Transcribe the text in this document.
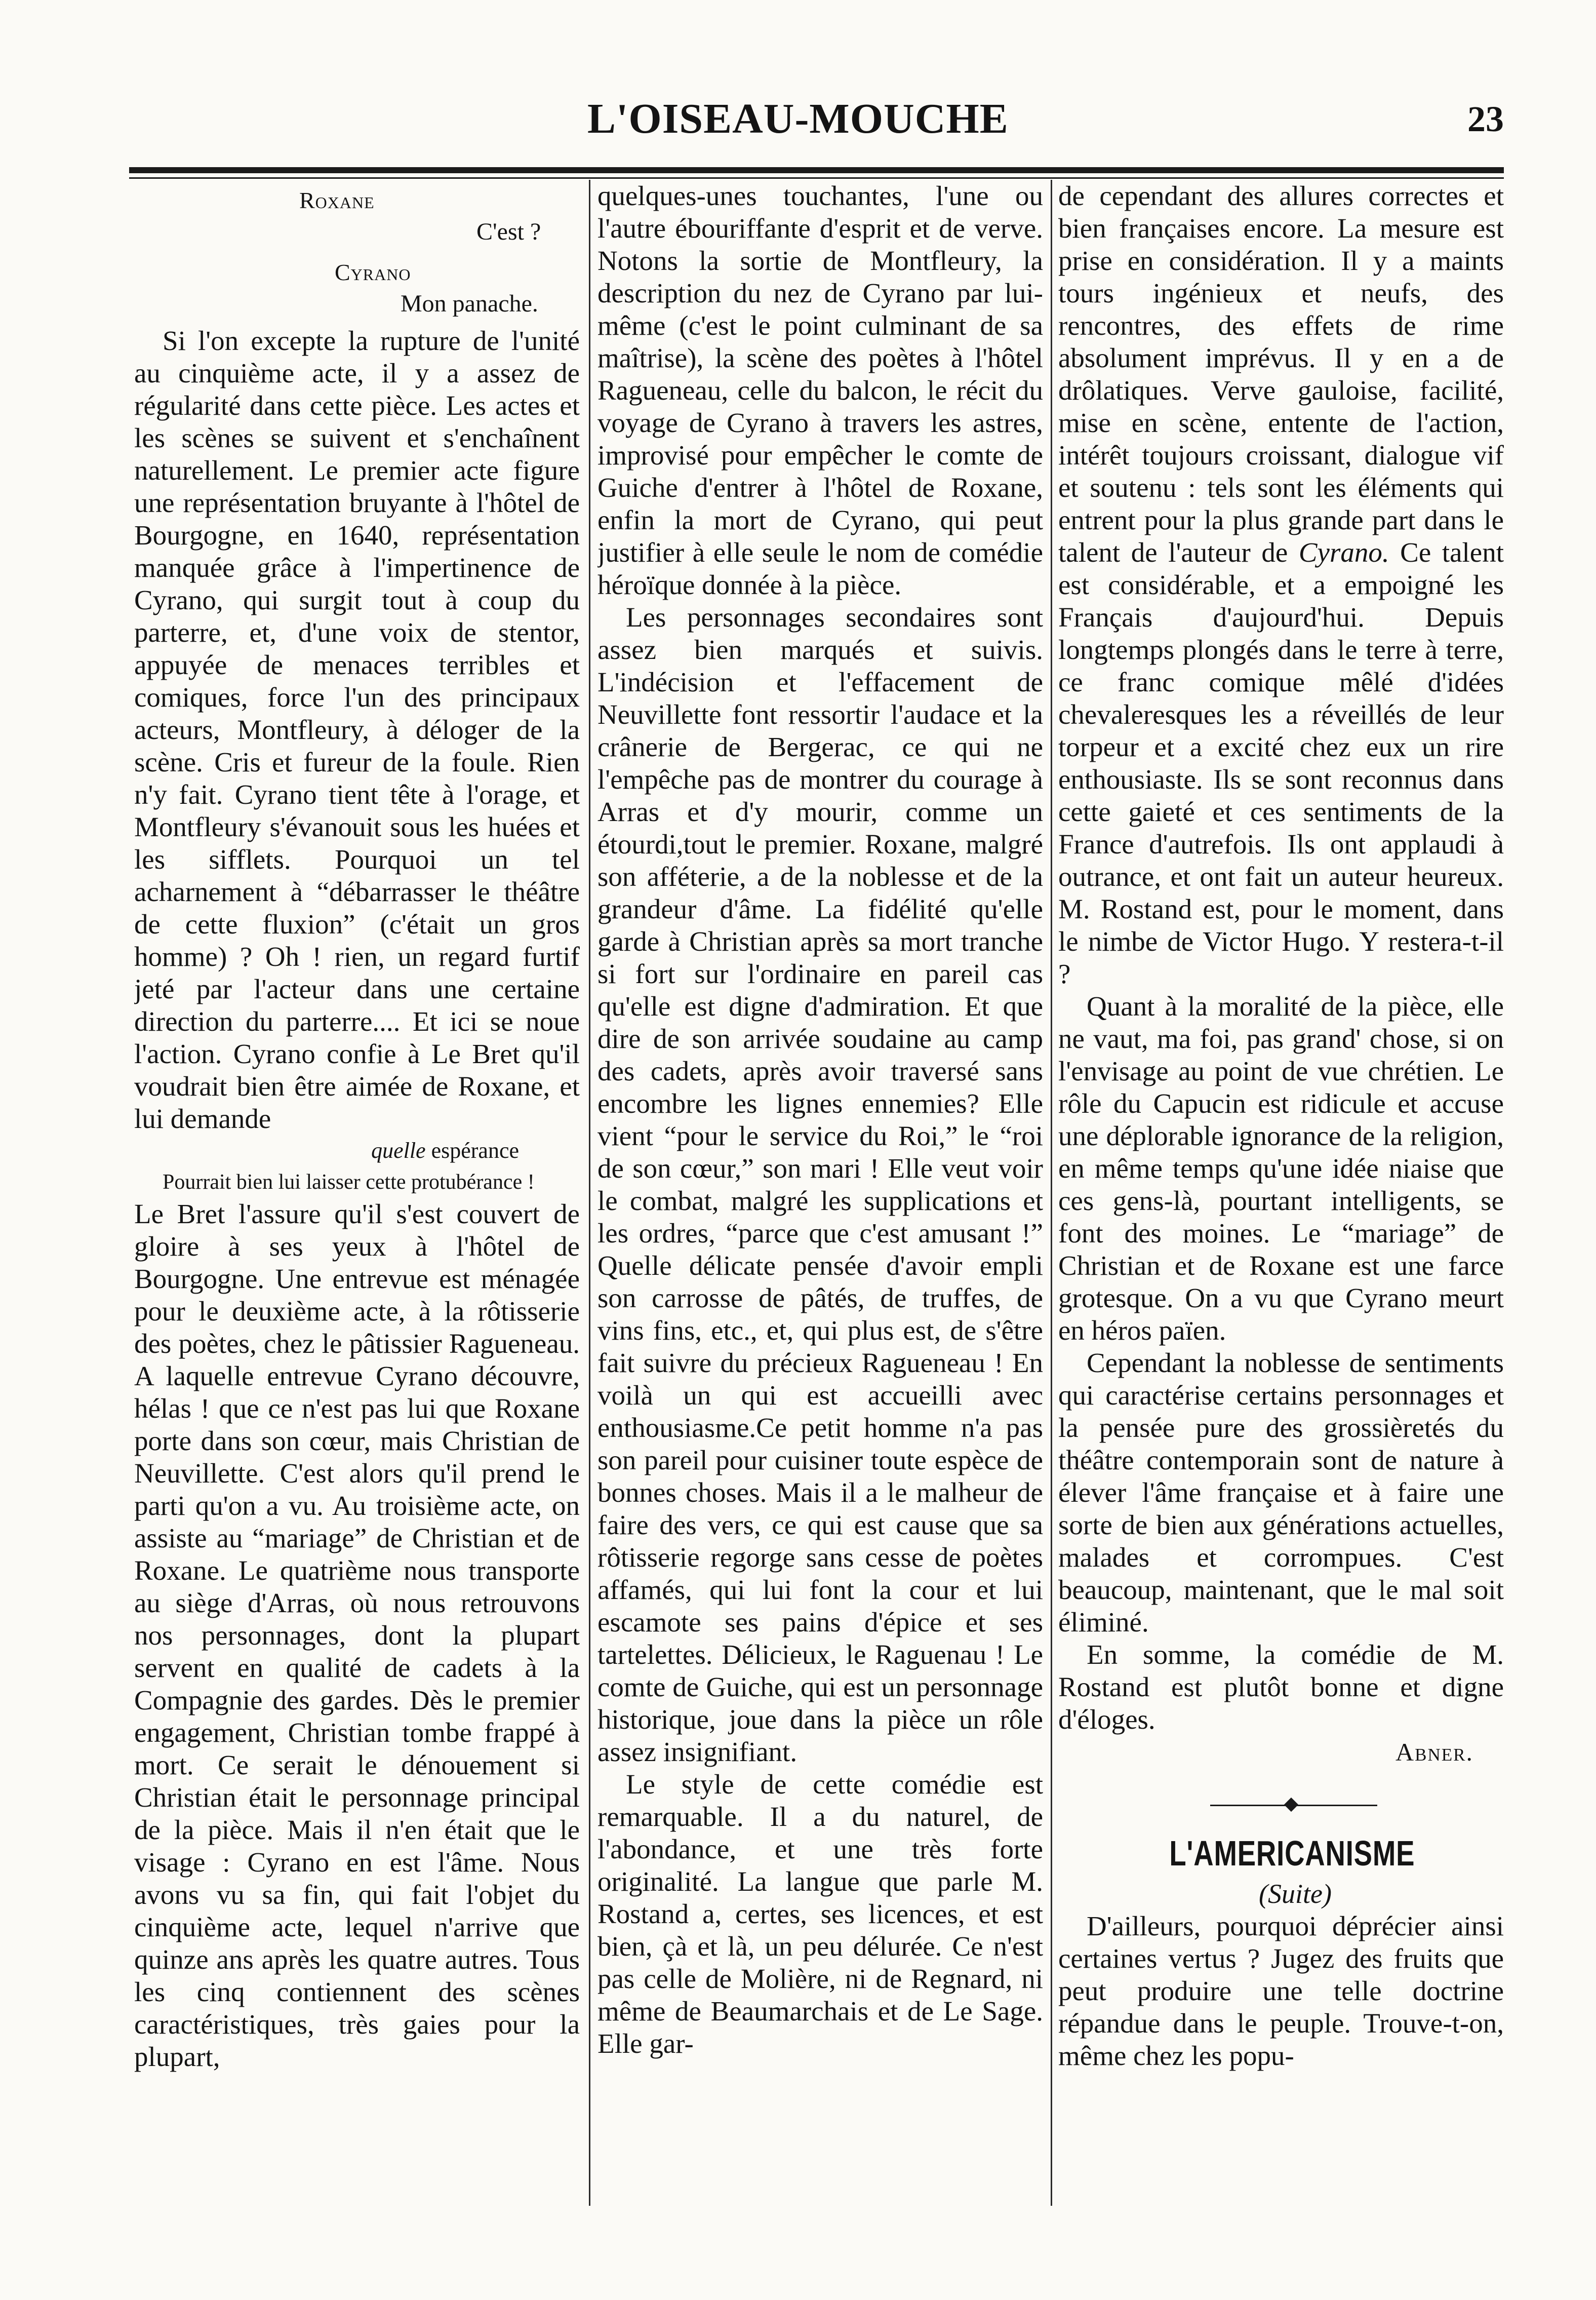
L'OISEAU-MOUCHE	23

Roxane

C'est ?

Cyrano

Mon panache.

Si l'on excepte la rupture de l'unité au cinquième acte, il y a assez de régularité dans cette pièce. Les actes et les scènes se suivent et s'enchaînent naturellement. Le premier acte figure une représentation bruyante à l'hôtel de Bourgogne, en 1640, représentation manquée grâce à l'impertinence de Cyrano, qui surgit tout à coup du parterre, et, d'une voix de stentor, appuyée de menaces terribles et comiques, force l'un des principaux acteurs, Montfleury, à déloger de la scène. Cris et fureur de la foule. Rien n'y fait. Cyrano tient tête à l'orage, et Montfleury s'évanouit sous les huées et les sifflets. Pourquoi un tel acharnement à “débarrasser le théâtre de cette fluxion” (c'était un gros homme) ? Oh ! rien, un regard furtif jeté par l'acteur dans une certaine direction du parterre.... Et ici se noue l'action. Cyrano confie à Le Bret qu'il voudrait bien être aimée de Roxane, et lui demande

quelle espérance

Pourrait bien lui laisser cette protubérance !

Le Bret l'assure qu'il s'est couvert de gloire à ses yeux à l'hôtel de Bourgogne. Une entrevue est ménagée pour le deuxième acte, à la rôtisserie des poètes, chez le pâtissier Ragueneau. A laquelle entrevue Cyrano découvre, hélas ! que ce n'est pas lui que Roxane porte dans son cœur, mais Christian de Neuvillette. C'est alors qu'il prend le parti qu'on a vu. Au troisième acte, on assiste au “mariage” de Christian et de Roxane. Le quatrième nous transporte au siège d'Arras, où nous retrouvons nos personnages, dont la plupart servent en qualité de cadets à la Compagnie des gardes. Dès le premier engagement, Christian tombe frappé à mort. Ce serait le dénouement si Christian était le personnage principal de la pièce. Mais il n'en était que le visage : Cyrano en est l'âme. Nous avons vu sa fin, qui fait l'objet du cinquième acte, lequel n'arrive que quinze ans après les quatre autres. Tous les cinq contiennent des scènes caractéristiques, très gaies pour la plupart,

quelques-unes touchantes, l'une ou l'autre ébouriffante d'esprit et de verve. Notons la sortie de Montfleury, la description du nez de Cyrano par lui-même (c'est le point culminant de sa maîtrise), la scène des poètes à l'hôtel Ragueneau, celle du balcon, le récit du voyage de Cyrano à travers les astres, improvisé pour empêcher le comte de Guiche d'entrer à l'hôtel de Roxane, enfin la mort de Cyrano, qui peut justifier à elle seule le nom de comédie héroïque donnée à la pièce.

Les personnages secondaires sont assez bien marqués et suivis. L'indécision et l'effacement de Neuvillette font ressortir l'audace et la crânerie de Bergerac, ce qui ne l'empêche pas de montrer du courage à Arras et d'y mourir, comme un étourdi,tout le premier. Roxane, malgré son afféterie, a de la noblesse et de la grandeur d'âme. La fidélité qu'elle garde à Christian après sa mort tranche si fort sur l'ordinaire en pareil cas qu'elle est digne d'admiration. Et que dire de son arrivée soudaine au camp des cadets, après avoir traversé sans encombre les lignes ennemies? Elle vient “pour le service du Roi,” le “roi de son cœur,” son mari ! Elle veut voir le combat, malgré les supplications et les ordres, “parce que c'est amusant !” Quelle délicate pensée d'avoir empli son carrosse de pâtés, de truffes, de vins fins, etc., et, qui plus est, de s'être fait suivre du précieux Ragueneau ! En voilà un qui est accueilli avec enthousiasme.Ce petit homme n'a pas son pareil pour cuisiner toute espèce de bonnes choses. Mais il a le malheur de faire des vers, ce qui est cause que sa rôtisserie regorge sans cesse de poètes affamés, qui lui font la cour et lui escamote ses pains d'épice et ses tartelettes. Délicieux, le Raguenau ! Le comte de Guiche, qui est un personnage historique, joue dans la pièce un rôle assez insignifiant.

Le style de cette comédie est remarquable. Il a du naturel, de l'abondance, et une très forte originalité. La langue que parle M. Rostand a, certes, ses licences, et est bien, çà et là, un peu délurée. Ce n'est pas celle de Molière, ni de Regnard, ni même de Beaumarchais et de Le Sage. Elle gar-

de cependant des allures correctes et bien françaises encore. La mesure est prise en considération. Il y a maints tours ingénieux et neufs, des rencontres, des effets de rime absolument imprévus. Il y en a de drôlatiques. Verve gauloise, facilité, mise en scène, entente de l'action, intérêt toujours croissant, dialogue vif et soutenu : tels sont les éléments qui entrent pour la plus grande part dans le talent de l'auteur de Cyrano. Ce talent est considérable, et a empoigné les Français d'aujourd'hui. Depuis longtemps plongés dans le terre à terre, ce franc comique mêlé d'idées chevaleresques les a réveillés de leur torpeur et a excité chez eux un rire enthousiaste. Ils se sont reconnus dans cette gaieté et ces sentiments de la France d'autrefois. Ils ont applaudi à outrance, et ont fait un auteur heureux. M. Rostand est, pour le moment, dans le nimbe de Victor Hugo. Y restera-t-il ?

Quant à la moralité de la pièce, elle ne vaut, ma foi, pas grand' chose, si on l'envisage au point de vue chrétien. Le rôle du Capucin est ridicule et accuse une déplorable ignorance de la religion, en même temps qu'une idée niaise que ces gens-là, pourtant intelligents, se font des moines. Le “mariage” de Christian et de Roxane est une farce grotesque. On a vu que Cyrano meurt en héros païen.

Cependant la noblesse de sentiments qui caractérise certains personnages et la pensée pure des grossièretés du théâtre contemporain sont de nature à élever l'âme française et à faire une sorte de bien aux générations actuelles, malades et corrompues. C'est beaucoup, maintenant, que le mal soit éliminé.

En somme, la comédie de M. Rostand est plutôt bonne et digne d'éloges.

Abner.

L'AMERICANISME

(Suite)

D'ailleurs, pourquoi déprécier ainsi certaines vertus ? Jugez des fruits que peut produire une telle doctrine répandue dans le peuple. Trouve-t-on, même chez les popu-
